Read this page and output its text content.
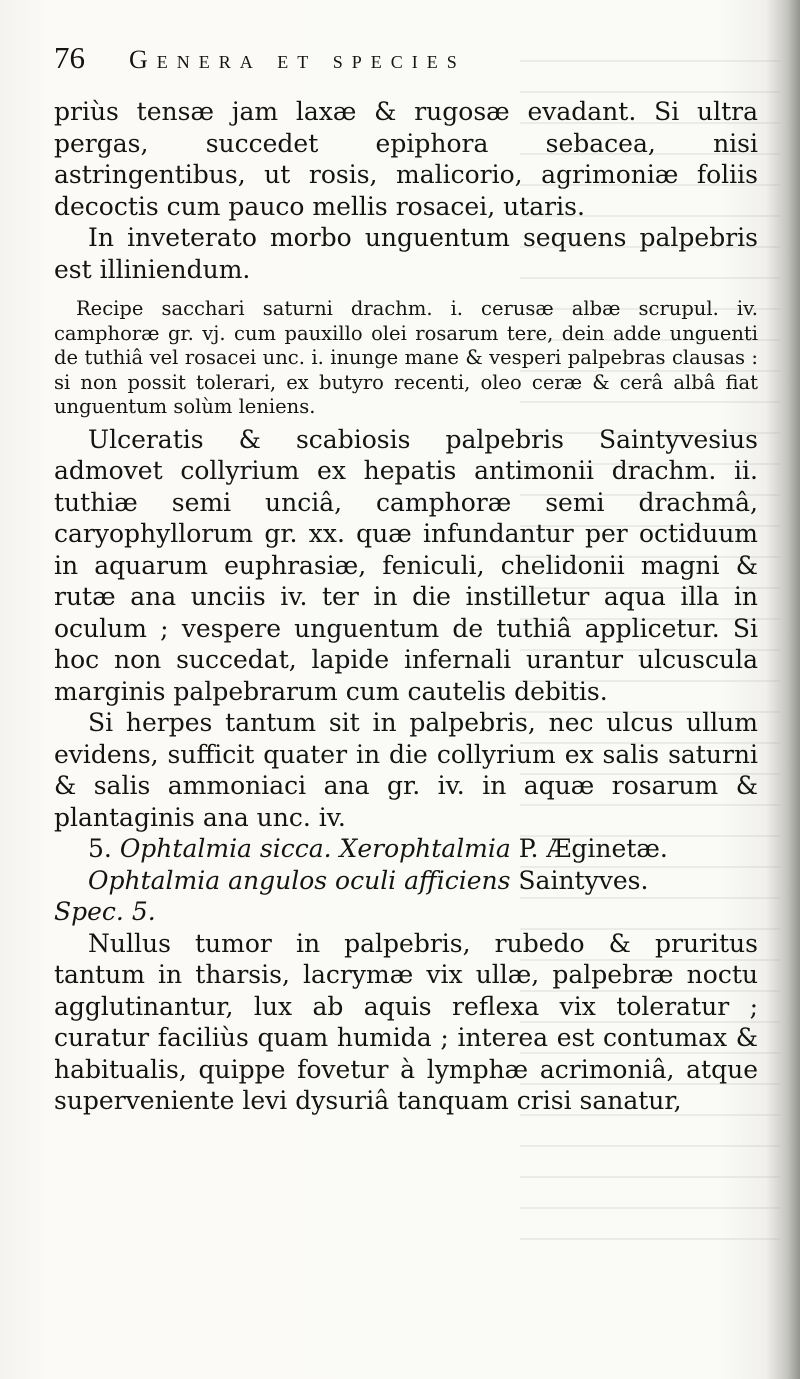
76 Genera et species

priùs tensæ jam laxæ & rugosæ evadant. Si ultra pergas, succedet epiphora sebacea, nisi astringentibus, ut rosis, malicorio, agrimoniæ foliis decoctis cum pauco mellis rosacei, utaris.

In inveterato morbo unguentum sequens palpebris est illiniendum.

Recipe sacchari saturni drachm. i. cerusæ albæ scrupul. iv. camphoræ gr. vj. cum pauxillo olei rosarum tere, dein adde unguenti de tuthiâ vel rosacei unc. i. inunge mane & vesperi palpebras clausas : si non possit tolerari, ex butyro recenti, oleo ceræ & cerâ albâ fiat unguentum solùm leniens.

Ulceratis & scabiosis palpebris Saintyvesius admovet collyrium ex hepatis antimonii drachm. ii. tuthiæ semi unciâ, camphoræ semi drachmâ, caryophyllorum gr. xx. quæ infundantur per octiduum in aquarum euphrasiæ, feniculi, chelidonii magni & rutæ ana unciis iv. ter in die instilletur aqua illa in oculum ; vespere unguentum de tuthiâ applicetur. Si hoc non succedat, lapide infernali urantur ulcuscula marginis palpebrarum cum cautelis debitis.

Si herpes tantum sit in palpebris, nec ulcus ullum evidens, sufficit quater in die collyrium ex salis saturni & salis ammoniaci ana gr. iv. in aquæ rosarum & plantaginis ana unc. iv.

5. Ophtalmia sicca. Xerophtalmia P. Æginetæ.

Ophtalmia angulos oculi afficiens Saintyves.

Spec. 5.

Nullus tumor in palpebris, rubedo & pruritus tantum in tharsis, lacrymæ vix ullæ, palpebræ noctu agglutinantur, lux ab aquis reflexa vix toleratur ; curatur faciliùs quam humida ; interea est contumax & habitualis, quippe fovetur à lymphæ acrimoniâ, atque superveniente levi dysuriâ tanquam crisi sanatur,
